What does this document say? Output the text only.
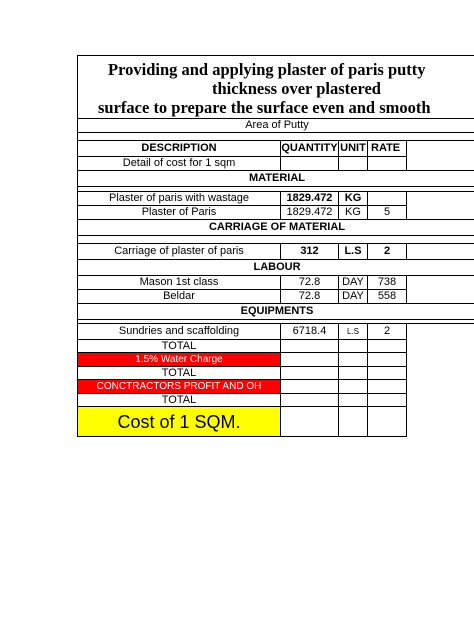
Providing and applying plaster of paris putty
thickness over plastered
surface to prepare the surface even and smooth
Area of Putty
DESCRIPTION	QUANTITY UNIT RATE
Detail of cost for 1 sqm
MATERIAL
Plaster of paris with wastage	1829.472	KG
Plaster of Paris	1829.472	KG	5
CARRIAGE OF MATERIAL
Carriage of plaster of paris	312	L.S	2
LABOUR
Mason 1st class	72.8	DAY	738
Beldar	72.8	DAY	558
EQUIPMENTS
Sundries and scaffolding	6718.4	L.S	2
TOTAL
1.5% Water Charge
TOTAL
CONCTRACTORS PROFIT AND OH
TOTAL
Cost of 1 SQM.
